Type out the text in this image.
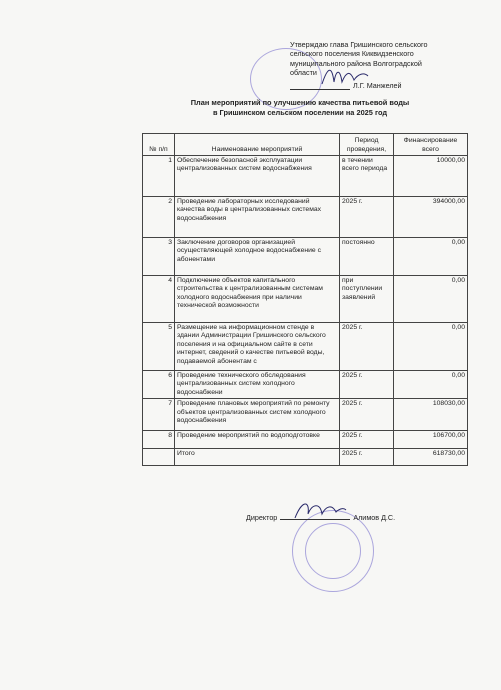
Утверждаю глава Гришинского сельского
сельского поселения Киквидзенского
муниципального района Волгоградской
области
Л.Г. Манжелей
План мероприятий по улучшению качества питьевой воды
в Гришинском сельском поселении на 2025 год
№ п/п	Наименование мероприятий	Период проведения,	Финансирование всего
1	Обеспечение безопасной эксплуатации централизованных систем водоснабжения	в течении всего периода	10000,00
2	Проведение лабораторных исследований качества воды в централизованных системах водоснабжения	2025 г.	394000,00
3	Заключение договоров организацией осуществляющей холодное водоснабжение с абонентами	постоянно	0,00
4	Подключение объектов капитального строительства к централизованным системам холодного водоснабжения при наличии технической возможности	при поступлении заявлений	0,00
5	Размещение на информационном стенде в здании Администрации Гришинского сельского поселения и на официальном сайте в сети интернет, сведений о качестве питьевой воды, подаваемой абонентам с	2025 г.	0,00
6	Проведение технического обследования централизованных систем холодного водоснабжени	2025 г.	0,00
7	Проведение плановых мероприятий по ремонту объектов централизованных систем холодного водоснабжения	2025 г.	108030,00
8	Проведение мероприятий по водоподготовке	2025 г.	106700,00
	Итого	2025 г.	618730,00
Директор	Алимов Д.С.
